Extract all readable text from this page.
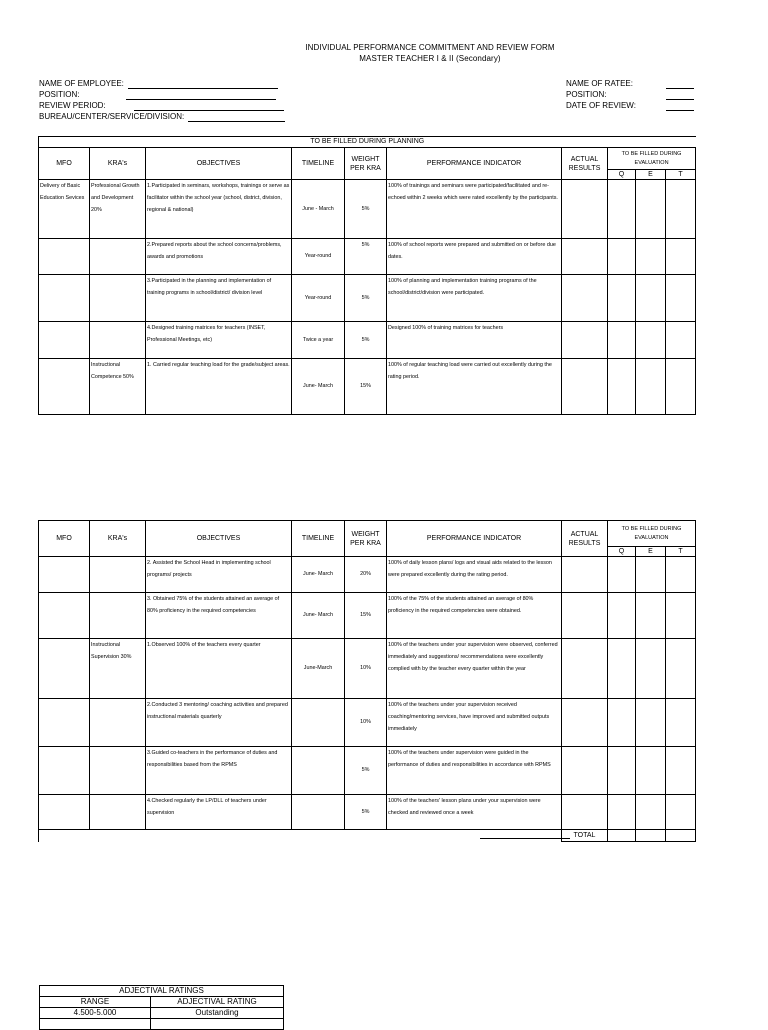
INDIVIDUAL PERFORMANCE COMMITMENT AND REVIEW FORM
MASTER TEACHER I & II (Secondary)
NAME OF EMPLOYEE:
POSITION:
REVIEW PERIOD:
BUREAU/CENTER/SERVICE/DIVISION:
NAME OF RATEE:
POSITION:
DATE OF REVIEW:
TO BE FILLED DURING PLANNING									
MFO	KRA's	OBJECTIVES	TIMELINE	WEIGHT PER KRA	PERFORMANCE INDICATOR	ACTUAL RESULTS	TO BE FILLED DURING EVALUATION		
							Q	E	T
Delivery of Basic Education Sevices	Professional Growth and Development 20%	1.Participated in seminars, workshops, trainings or serve as facilitator within the school year (school, district, division, regional & national)	June - March	5%	100% of trainings and seminars were participated/facilitated and re-echoed within 2 weeks which were rated excellently by the participants.				
		2.Prepared reports about the school concerns/problems, awards and promotions	Year-round	5%	100% of school reports were prepared and submitted on or before due dates.				
		3.Participated in the planning and implementation of training programs in school/district/ division level	Year-round	5%	100% of planning and implementation training programs of the school/district/division were participated.				
		4.Designed training matrices for teachers (INSET, Professional Meetings, etc)	Twice a year	5%	Designed 100% of training matrices for teachers				
	Instructional Competence 50%	1. Carried regular teaching load for the grade/subject areas.	June- March	15%	100% of regular teaching load were carried out excellently during the rating period.				
MFO	KRA's	OBJECTIVES	TIMELINE	WEIGHT PER KRA	PERFORMANCE INDICATOR	ACTUAL RESULTS	TO BE FILLED DURING EVALUATION		
							Q	E	T
		2. Assisted the School Head in implementing school programs/ projects	June- March	20%	100% of daily lesson plans/ logs and visual aids related to the lesson were prepared excellently during the rating period.				
		3. Obtained 75% of the students attained an average of 80% proficiency in the required competencies	June- March	15%	100% of the 75% of the students attained an average of 80% proficiency in the required competencies were obtained.				
	Instructional Supervision 30%	1.Observed 100% of the teachers every quarter	June-March	10%	100% of the teachers under your supervision were observed, conferred immediately and suggestions/ recommendations were excellently complied with by the teacher every quarter within the year				
		2.Conducted 3 mentoring/ coaching activities and prepared instructional materials quarterly		10%	100% of the teachers under your supervision received coaching/mentoring services, have improved and submitted outputs immediately				
		3.Guided co-teachers in the performance of duties and responsibilities based from the RPMS		5%	100% of the teachers under supervision were guided in the performance of duties and responsibilities in accordance with RPMS				
		4.Checked regularly the LP/DLL of teachers under supervision		5%	100% of the teachers' lesson plans under your supervision were checked and reviewed once a week				
						TOTAL			
ADJECTIVAL RATINGS	
RANGE	ADJECTIVAL RATING
4.500-5.000	Outstanding
